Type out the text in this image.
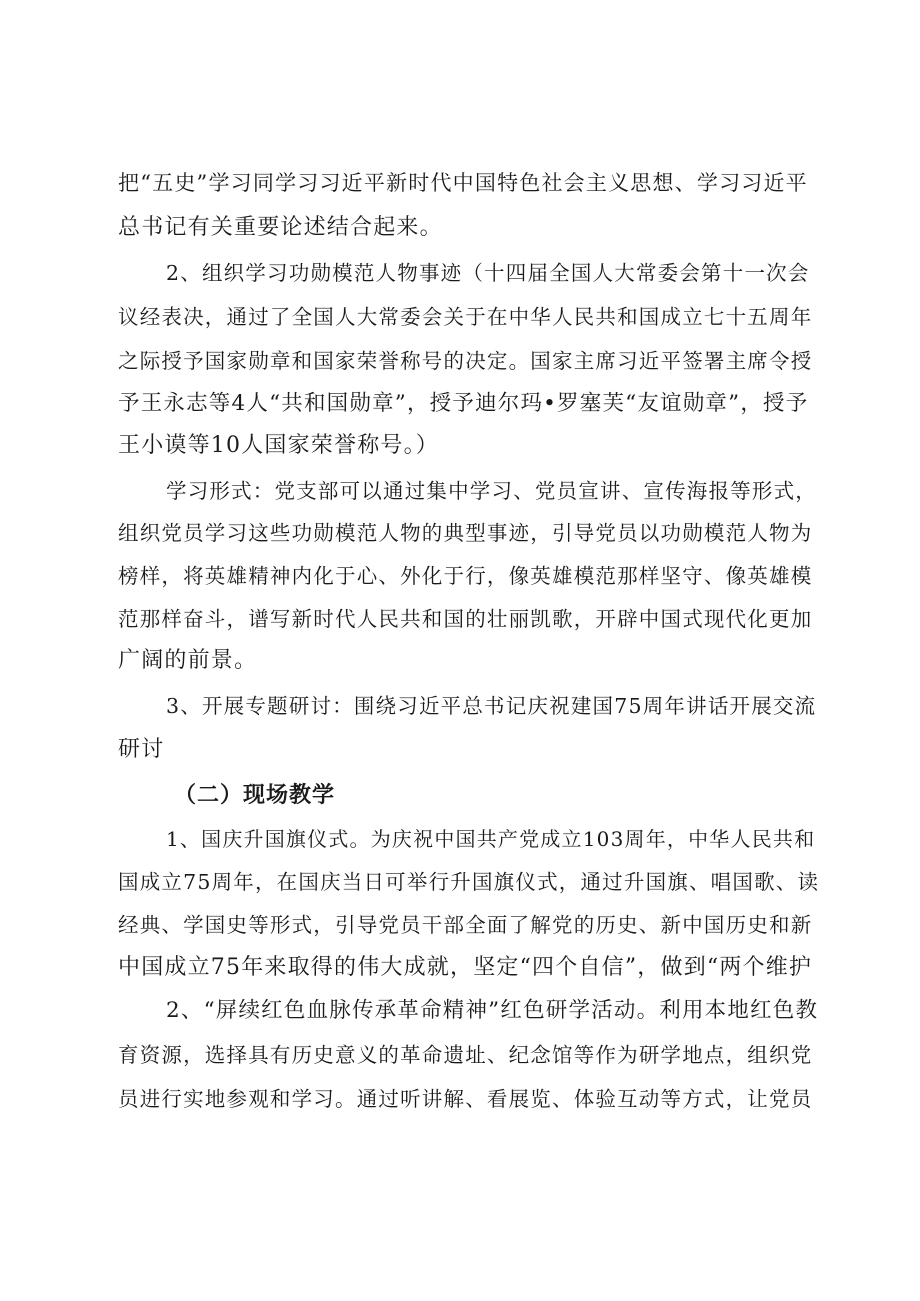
把“五史”学习同学习习近平新时代中国特色社会主义思想、学习习近平
总书记有关重要论述结合起来。
2、组织学习功勋模范人物事迹（十四届全国人大常委会第十一次会
议经表决，通过了全国人大常委会关于在中华人民共和国成立七十五周年
之际授予国家勋章和国家荣誉称号的决定。国家主席习近平签署主席令授
予王永志等4人“共和国勋章”，授予迪尔玛•罗塞芙“友谊勋章”，授予
王小谟等10人国家荣誉称号。）
学习形式：党支部可以通过集中学习、党员宣讲、宣传海报等形式，
组织党员学习这些功勋模范人物的典型事迹，引导党员以功勋模范人物为
榜样，将英雄精神内化于心、外化于行，像英雄模范那样坚守、像英雄模
范那样奋斗，谱写新时代人民共和国的壮丽凯歌，开辟中国式现代化更加
广阔的前景。
3、开展专题研讨：围绕习近平总书记庆祝建国75周年讲话开展交流
研讨
（二）现场教学
1、国庆升国旗仪式。为庆祝中国共产党成立103周年，中华人民共和
国成立75周年，在国庆当日可举行升国旗仪式，通过升国旗、唱国歌、读
经典、学国史等形式，引导党员干部全面了解党的历史、新中国历史和新
中国成立75年来取得的伟大成就，坚定“四个自信”，做到“两个维护
2、“屏续红色血脉传承革命精神”红色研学活动。利用本地红色教
育资源，选择具有历史意义的革命遗址、纪念馆等作为研学地点，组织党
员进行实地参观和学习。通过听讲解、看展览、体验互动等方式，让党员
